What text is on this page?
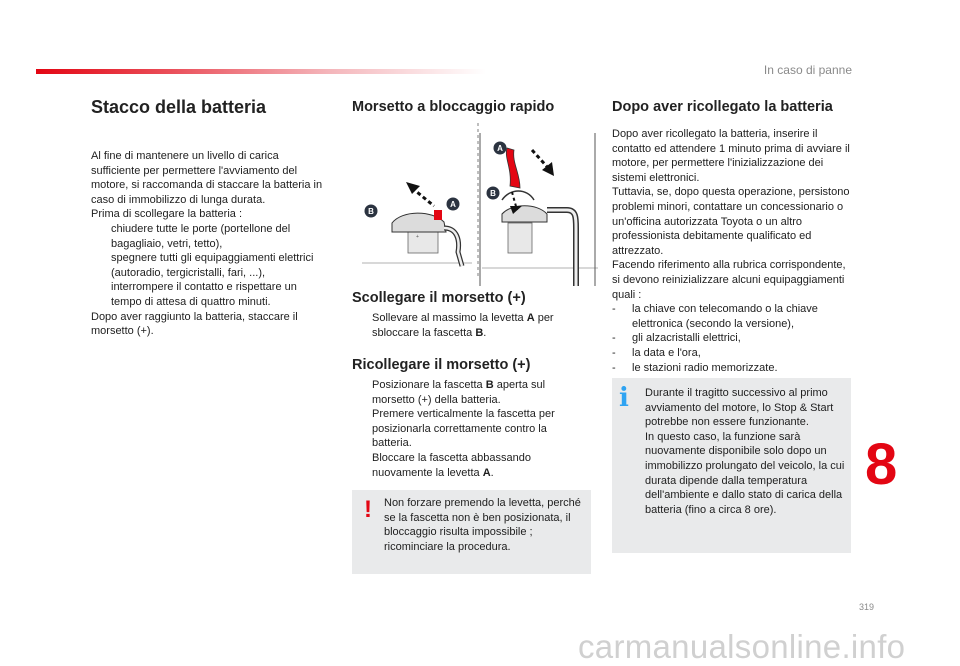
In caso di panne
Stacco della batteria

Al fine di mantenere un livello di carica sufficiente per permettere l'avviamento del motore, si raccomanda di staccare la batteria in caso di immobilizzo di lunga durata.

Prima di scollegare la batteria :

chiudere tutte le porte (portellone del bagagliaio, vetri, tetto),
spegnere tutti gli equipaggiamenti elettrici (autoradio, tergicristalli, fari, ...),
interrompere il contatto e rispettare un tempo di attesa di quattro minuti.

Dopo aver raggiunto la batteria, staccare il morsetto (+).

Morsetto a bloccaggio rapido
+
B
A
A
B
Scollegare il morsetto (+)
Sollevare al massimo la levetta A per sbloccare la fascetta B.
Ricollegare il morsetto (+)
Posizionare la fascetta B aperta sul morsetto (+) della batteria.
Premere verticalmente la fascetta per posizionarla correttamente contro la batteria.
Bloccare la fascetta abbassando nuovamente la levetta A.
! Non forzare premendo la levetta, perché se la fascetta non è ben posizionata, il bloccaggio risulta impossibile ; ricominciare la procedura.
Dopo aver ricollegato la batteria

Dopo aver ricollegato la batteria, inserire il contatto ed attendere 1 minuto prima di avviare il motore, per permettere l'inizializzazione dei sistemi elettronici.

Tuttavia, se, dopo questa operazione, persistono problemi minori, contattare un concessionario o un'officina autorizzata Toyota o un altro professionista debitamente qualificato ed attrezzato.

Facendo riferimento alla rubrica corrispondente, si devono reinizializzare alcuni equipaggiamenti quali :

- la chiave con telecomando o la chiave elettronica (secondo la versione),
- gli alzacristalli elettrici,
- la data e l'ora,
- le stazioni radio memorizzate.
i Durante il tragitto successivo al primo avviamento del motore, lo Stop & Start potrebbe non essere funzionante.
In questo caso, la funzione sarà nuovamente disponibile solo dopo un immobilizzo prolungato del veicolo, la cui durata dipende dalla temperatura dell'ambiente e dallo stato di carica della batteria (fino a circa 8 ore).
8
319
carmanualsonline.info
